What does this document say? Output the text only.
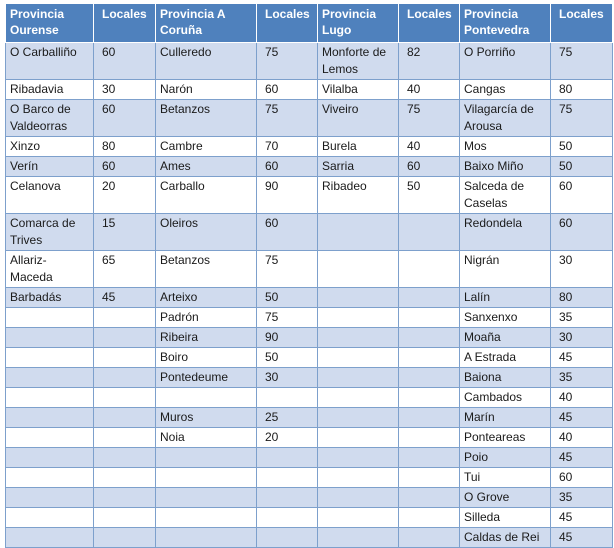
Provincia Ourense	Locales	Provincia A Coruña	Locales	Provincia Lugo	Locales	Provincia Pontevedra	Locales
O Carballiño	60	Culleredo	75	Monforte de Lemos	82	O Porriño	75
Ribadavia	30	Narón	60	Vilalba	40	Cangas	80
O Barco de Valdeorras	60	Betanzos	75	Viveiro	75	Vilagarcía de Arousa	75
Xinzo	80	Cambre	70	Burela	40	Mos	50
Verín	60	Ames	60	Sarria	60	Baixo Miño	50
Celanova	20	Carballo	90	Ribadeo	50	Salceda de Caselas	60
Comarca de Trives	15	Oleiros	60			Redondela	60
Allariz-Maceda	65	Betanzos	75			Nigrán	30
Barbadás	45	Arteixo	50			Lalín	80
		Padrón	75			Sanxenxo	35
		Ribeira	90			Moaña	30
		Boiro	50			A Estrada	45
		Pontedeume	30			Baiona	35
						Cambados	40
		Muros	25			Marín	45
		Noia	20			Ponteareas	40
						Poio	45
						Tui	60
						O Grove	35
						Silleda	45
						Caldas de Rei	45
